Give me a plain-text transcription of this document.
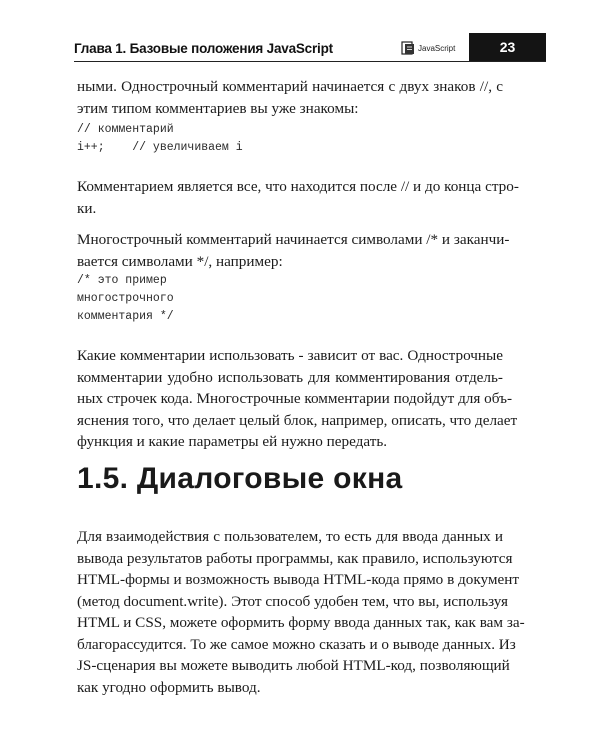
Глава 1. Базовые положения JavaScript	JavaScript	23

ными. Однострочный комментарий начинается с двух знаков //, с
этим типом комментариев вы уже знакомы:

// комментарий
i++;    // увеличиваем i

Комментарием является все, что находится после // и до конца стро-
ки.

Многострочный комментарий начинается символами /* и заканчи-
вается символами */, например:

/* это пример
многострочного
комментария */

Какие комментарии использовать - зависит от вас. Однострочные
комментарии удобно использовать для комментирования отдель-
ных строчек кода. Многострочные комментарии подойдут для объ-
яснения того, что делает целый блок, например, описать, что делает
функция и какие параметры ей нужно передать.

1.5. Диалоговые окна

Для взаимодействия с пользователем, то есть для ввода данных и
вывода результатов работы программы, как правило, используются
HTML-формы и возможность вывода HTML-кода прямо в документ
(метод document.write). Этот способ удобен тем, что вы, используя
HTML и CSS, можете оформить форму ввода данных так, как вам за-
благорассудится. То же самое можно сказать и о выводе данных. Из
JS-сценария вы можете выводить любой HTML-код, позволяющий
как угодно оформить вывод.
